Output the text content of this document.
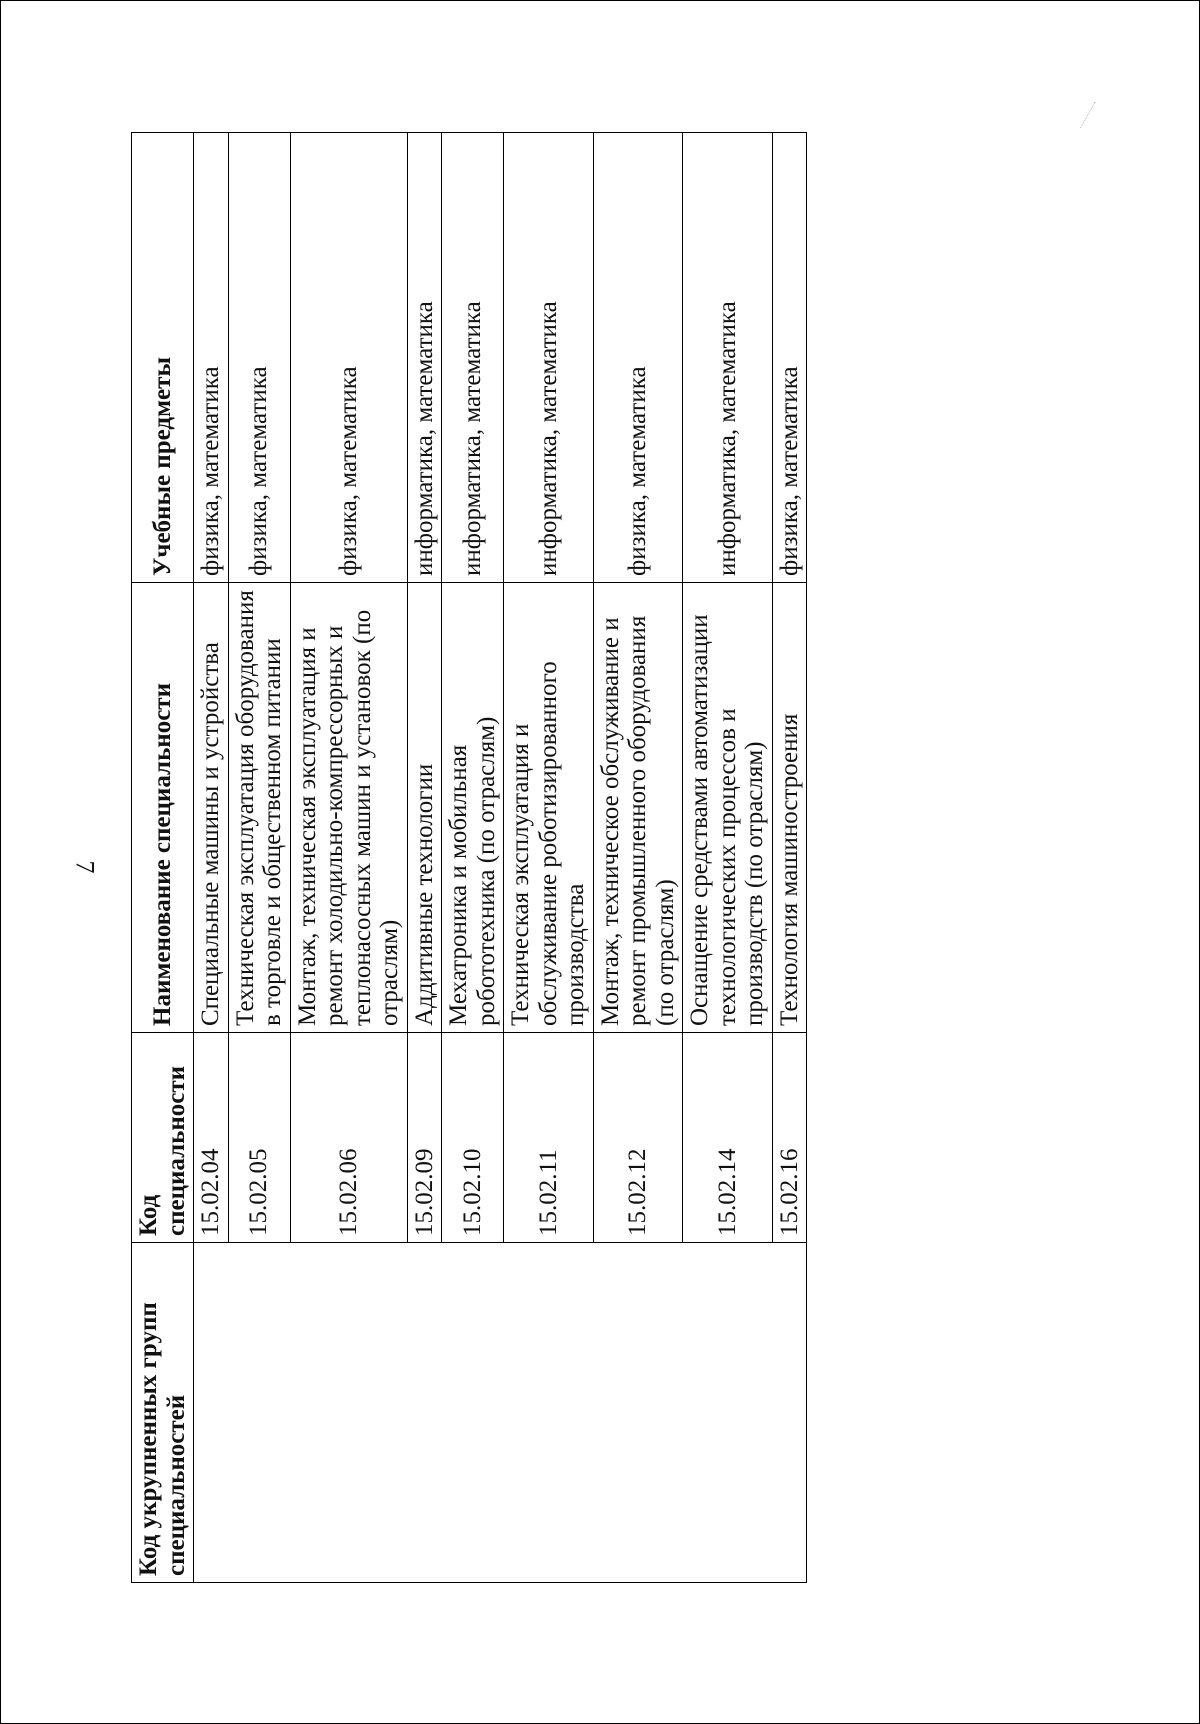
7
Код укрупненных групп специальностей	Код специальности	Наименование специальности	Учебные предметы
	15.02.04	Специальные машины и устройства	физика, математика
	15.02.05	Техническая эксплуатация оборудования в торговле и общественном питании	физика, математика
	15.02.06	Монтаж, техническая эксплуатация и ремонт холодильно-компрессорных и теплонасосных машин и установок (по отраслям)	физика, математика
	15.02.09	Аддитивные технологии	информатика, математика
	15.02.10	Мехатроника и мобильная робототехника (по отраслям)	информатика, математика
	15.02.11	Техническая эксплуатация и обслуживание роботизированного производства	информатика, математика
	15.02.12	Монтаж, техническое обслуживание и ремонт промышленного оборудования (по отраслям)	физика, математика
	15.02.14	Оснащение средствами автоматизации технологических процессов и производств (по отраслям)	информатика, математика
	15.02.16	Технология машиностроения	физика, математика
